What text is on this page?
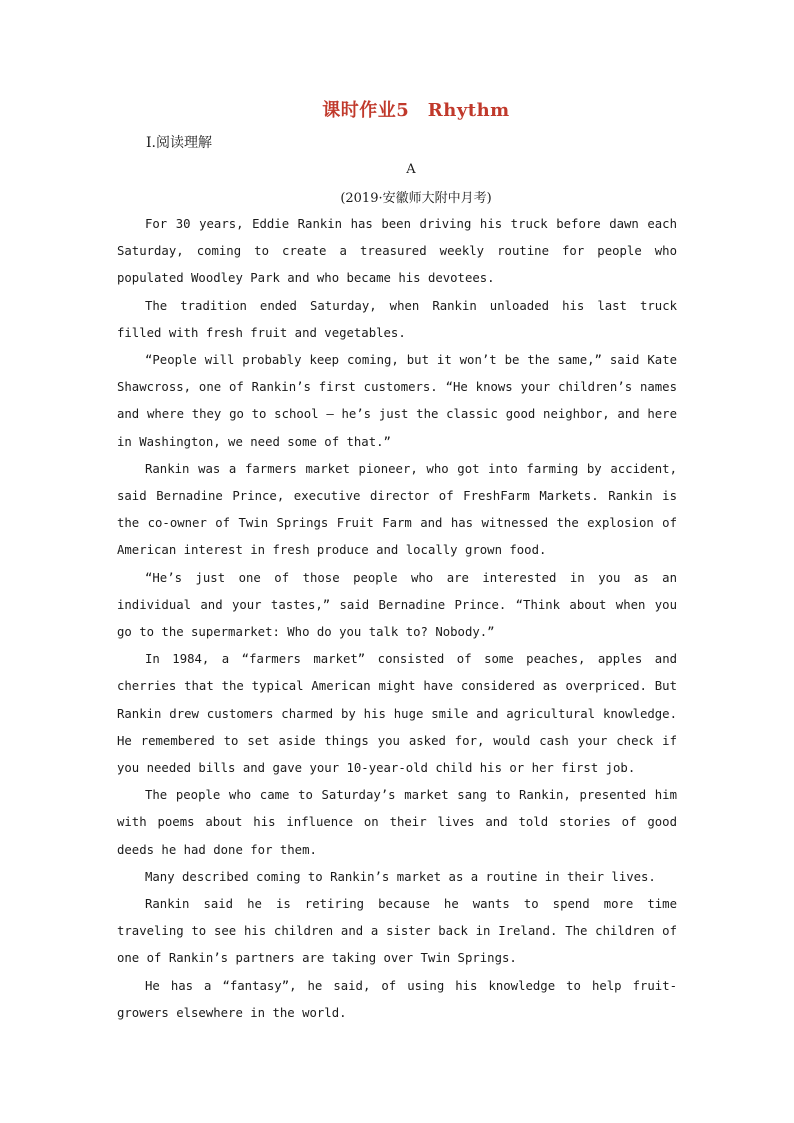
课时作业5　Rhythm
Ⅰ.阅读理解
A
(2019·安徽师大附中月考)

For 30 years, Eddie Rankin has been driving his truck before dawn each Saturday, coming to create a treasured weekly routine for people who populated Woodley Park and who became his devotees.

The tradition ended Saturday, when Rankin unloaded his last truck filled with fresh fruit and vegetables.

“People will probably keep coming, but it won’t be the same,” said Kate Shawcross, one of Rankin’s first customers. “He knows your children’s names and where they go to school — he’s just the classic good neighbor, and here in Washington, we need some of that.”

Rankin was a farmers market pioneer, who got into farming by accident, said Bernadine Prince, executive director of FreshFarm Markets. Rankin is the co-owner of Twin Springs Fruit Farm and has witnessed the explosion of American interest in fresh produce and locally grown food.

“He’s just one of those people who are interested in you as an individual and your tastes,” said Bernadine Prince. “Think about when you go to the supermarket: Who do you talk to? Nobody.”

In 1984, a “farmers market” consisted of some peaches, apples and cherries that the typical American might have considered as overpriced. But Rankin drew customers charmed by his huge smile and agricultural knowledge. He remembered to set aside things you asked for, would cash your check if you needed bills and gave your 10-year-old child his or her first job.

The people who came to Saturday’s market sang to Rankin, presented him with poems about his influence on their lives and told stories of good deeds he had done for them.

Many described coming to Rankin’s market as a routine in their lives.

Rankin said he is retiring because he wants to spend more time traveling to see his children and a sister back in Ireland. The children of one of Rankin’s partners are taking over Twin Springs.

He has a “fantasy”, he said, of using his knowledge to help fruit-growers elsewhere in the world.
